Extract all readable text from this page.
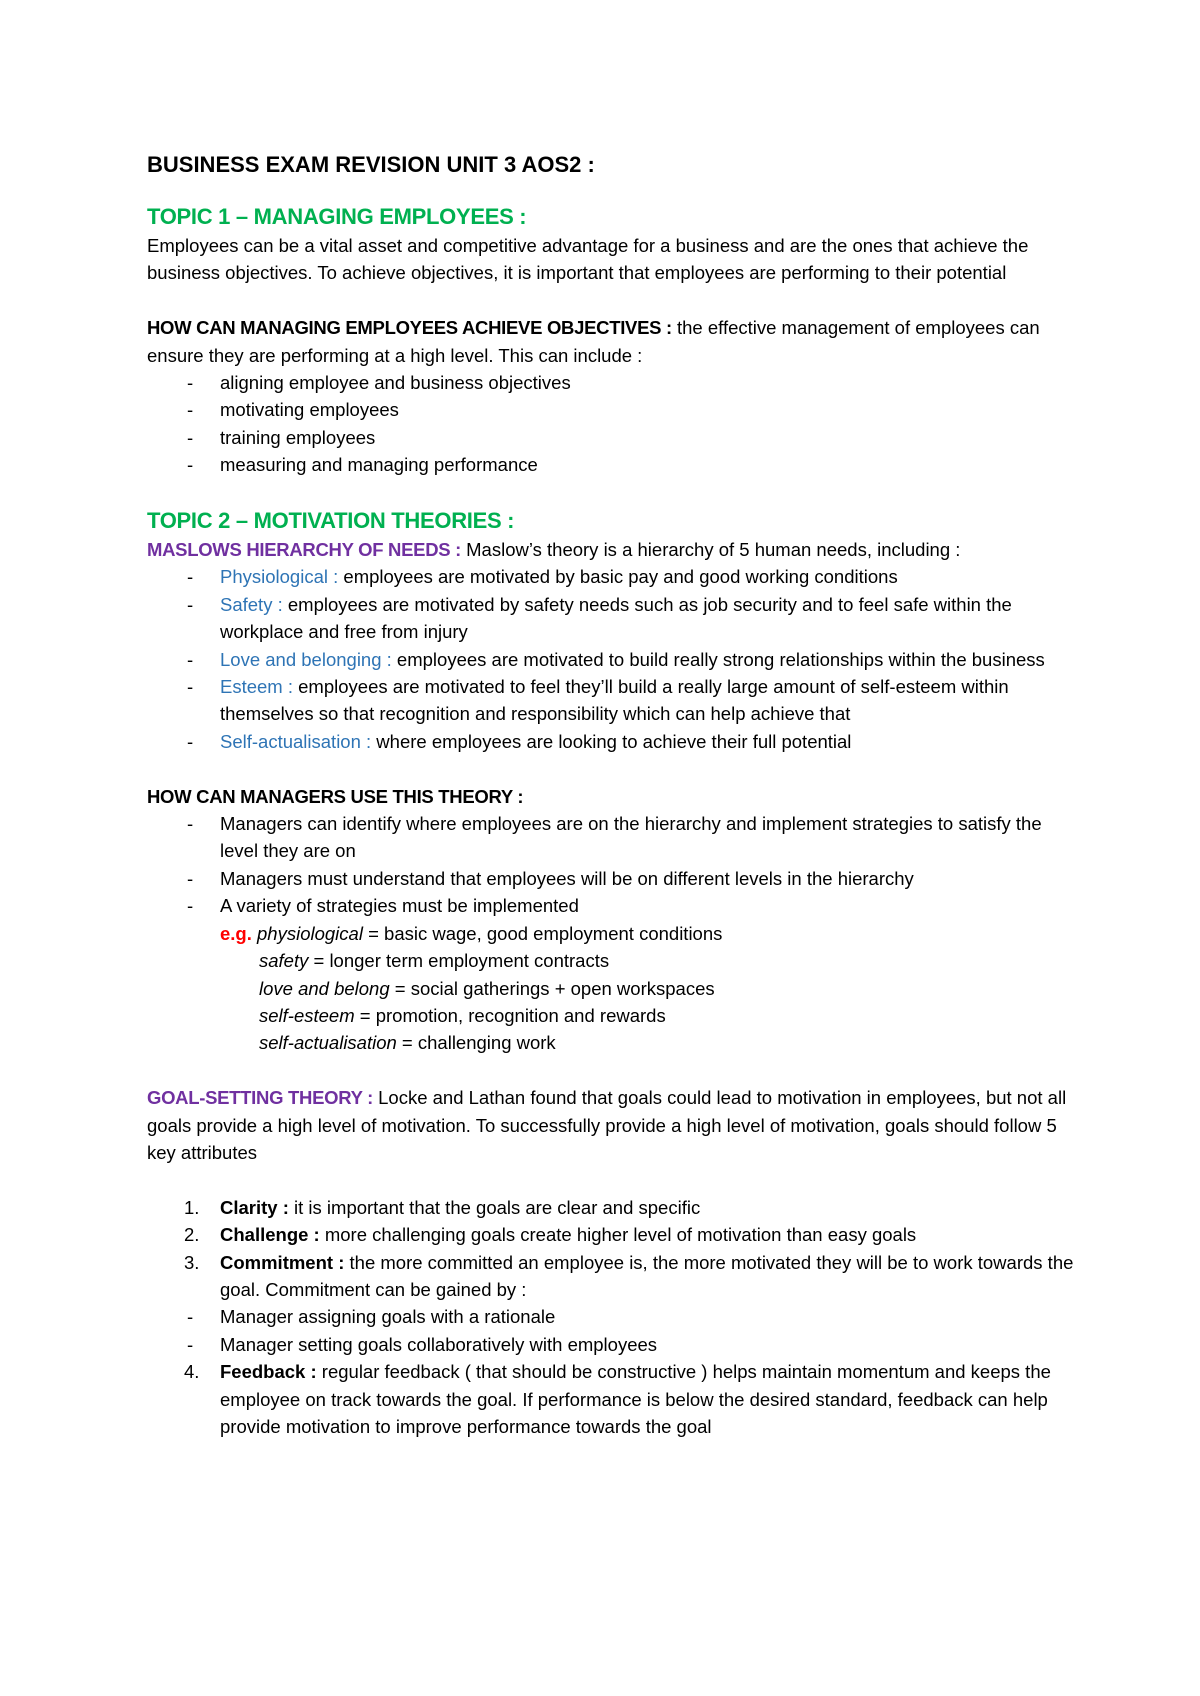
BUSINESS EXAM REVISION UNIT 3 AOS2 :

TOPIC 1 – MANAGING EMPLOYEES :

Employees can be a vital asset and competitive advantage for a business and are the ones that achieve the business objectives. To achieve objectives, it is important that employees are performing to their potential

HOW CAN MANAGING EMPLOYEES ACHIEVE OBJECTIVES : the effective management of employees can ensure they are performing at a high level. This can include :

- aligning employee and business objectives
- motivating employees
- training employees
- measuring and managing performance

TOPIC 2 – MOTIVATION THEORIES :

MASLOWS HIERARCHY OF NEEDS : Maslow’s theory is a hierarchy of 5 human needs, including :

- Physiological : employees are motivated by basic pay and good working conditions
- Safety : employees are motivated by safety needs such as job security and to feel safe within the workplace and free from injury
- Love and belonging : employees are motivated to build really strong relationships within the business
- Esteem : employees are motivated to feel they’ll build a really large amount of self-esteem within themselves so that recognition and responsibility which can help achieve that
- Self-actualisation : where employees are looking to achieve their full potential

HOW CAN MANAGERS USE THIS THEORY :

- Managers can identify where employees are on the hierarchy and implement strategies to satisfy the level they are on
- Managers must understand that employees will be on different levels in the hierarchy
- A variety of strategies must be implemented

e.g. physiological = basic wage, good employment conditions

safety = longer term employment contracts

love and belong = social gatherings + open workspaces

self-esteem = promotion, recognition and rewards

self-actualisation = challenging work

GOAL-SETTING THEORY : Locke and Lathan found that goals could lead to motivation in employees, but not all goals provide a high level of motivation. To successfully provide a high level of motivation, goals should follow 5 key attributes

1. Clarity : it is important that the goals are clear and specific
2. Challenge : more challenging goals create higher level of motivation than easy goals
3. Commitment : the more committed an employee is, the more motivated they will be to work towards the goal. Commitment can be gained by :
- Manager assigning goals with a rationale
- Manager setting goals collaboratively with employees
4. Feedback : regular feedback ( that should be constructive ) helps maintain momentum and keeps the employee on track towards the goal. If performance is below the desired standard, feedback can help provide motivation to improve performance towards the goal
